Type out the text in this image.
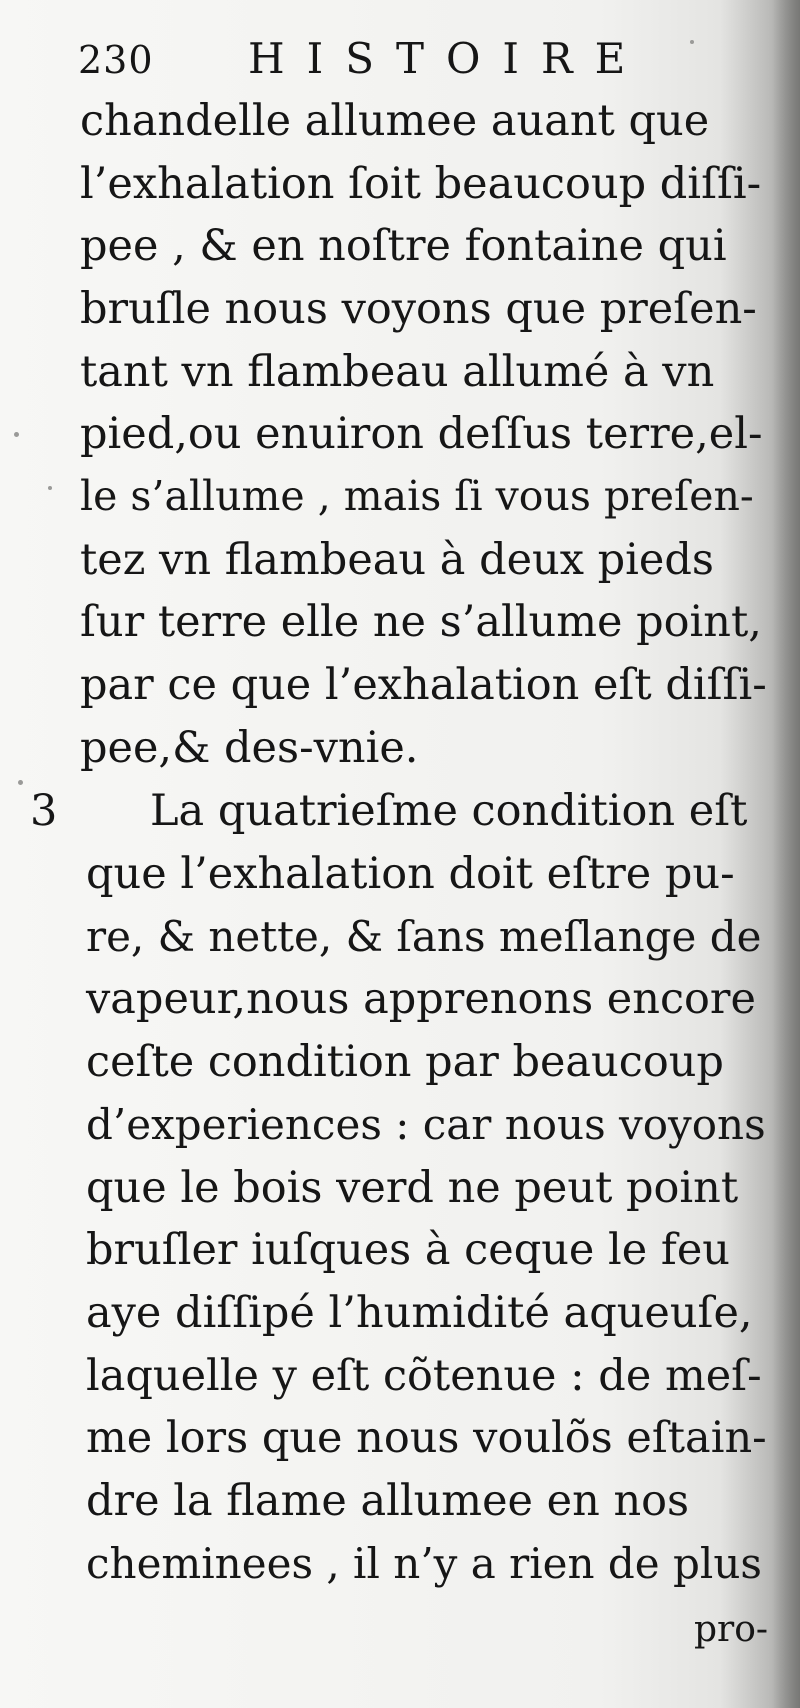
230 HISTOIRE
chandelle allumee auant que
l’exhalation ſoit beaucoup diſſi-
pee , & en noſtre fontaine qui
bruſle nous voyons que preſen-
tant vn flambeau allumé à vn
pied,ou enuiron deſſus terre,el-
le s’allume , mais ſi vous preſen-
tez vn flambeau à deux pieds
ſur terre elle ne s’allume point,
par ce que l’exhalation eſt diſſi-
pee,& des-vnie.
3 La quatrieſme condition eſt
que l’exhalation doit eſtre pu-
re, & nette, & ſans meſlange de
vapeur,nous apprenons encore
ceſte condition par beaucoup
d’experiences : car nous voyons
que le bois verd ne peut point
bruſler iuſques à ceque le feu
aye diſſipé l’humidité aqueuſe,
laquelle y eſt cõtenue : de meſ-
me lors que nous voulõs eſtain-
dre la flame allumee en nos
cheminees , il n’y a rien de plus
pro-
